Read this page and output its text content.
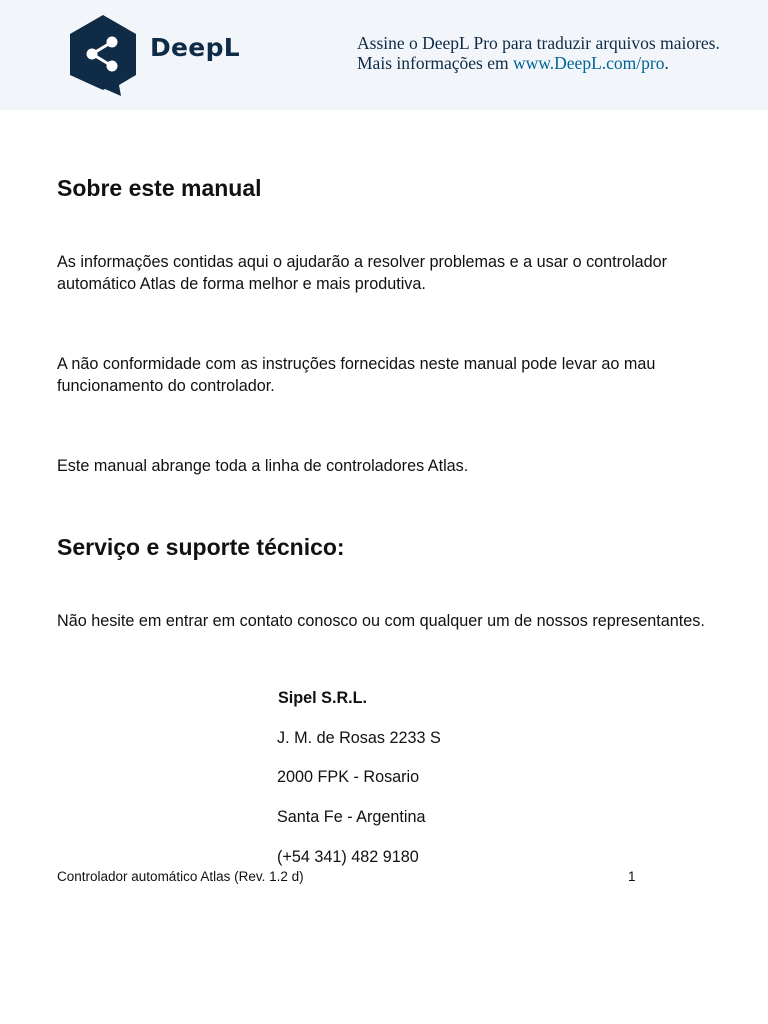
DeepL	Assine o DeepL Pro para traduzir arquivos maiores.
Mais informações em www.DeepL.com/pro.
Sobre este manual

As informações contidas aqui o ajudarão a resolver problemas e a usar o controlador automático Atlas de forma melhor e mais produtiva.

A não conformidade com as instruções fornecidas neste manual pode levar ao mau funcionamento do controlador.

Este manual abrange toda a linha de controladores Atlas.

Serviço e suporte técnico:

Não hesite em entrar em contato conosco ou com qualquer um de nossos representantes.

Sipel S.R.L.

J. M. de Rosas 2233 S

2000 FPK - Rosario

Santa Fe - Argentina

(+54 341) 482 9180

Controlador automático Atlas (Rev. 1.2 d)	1
